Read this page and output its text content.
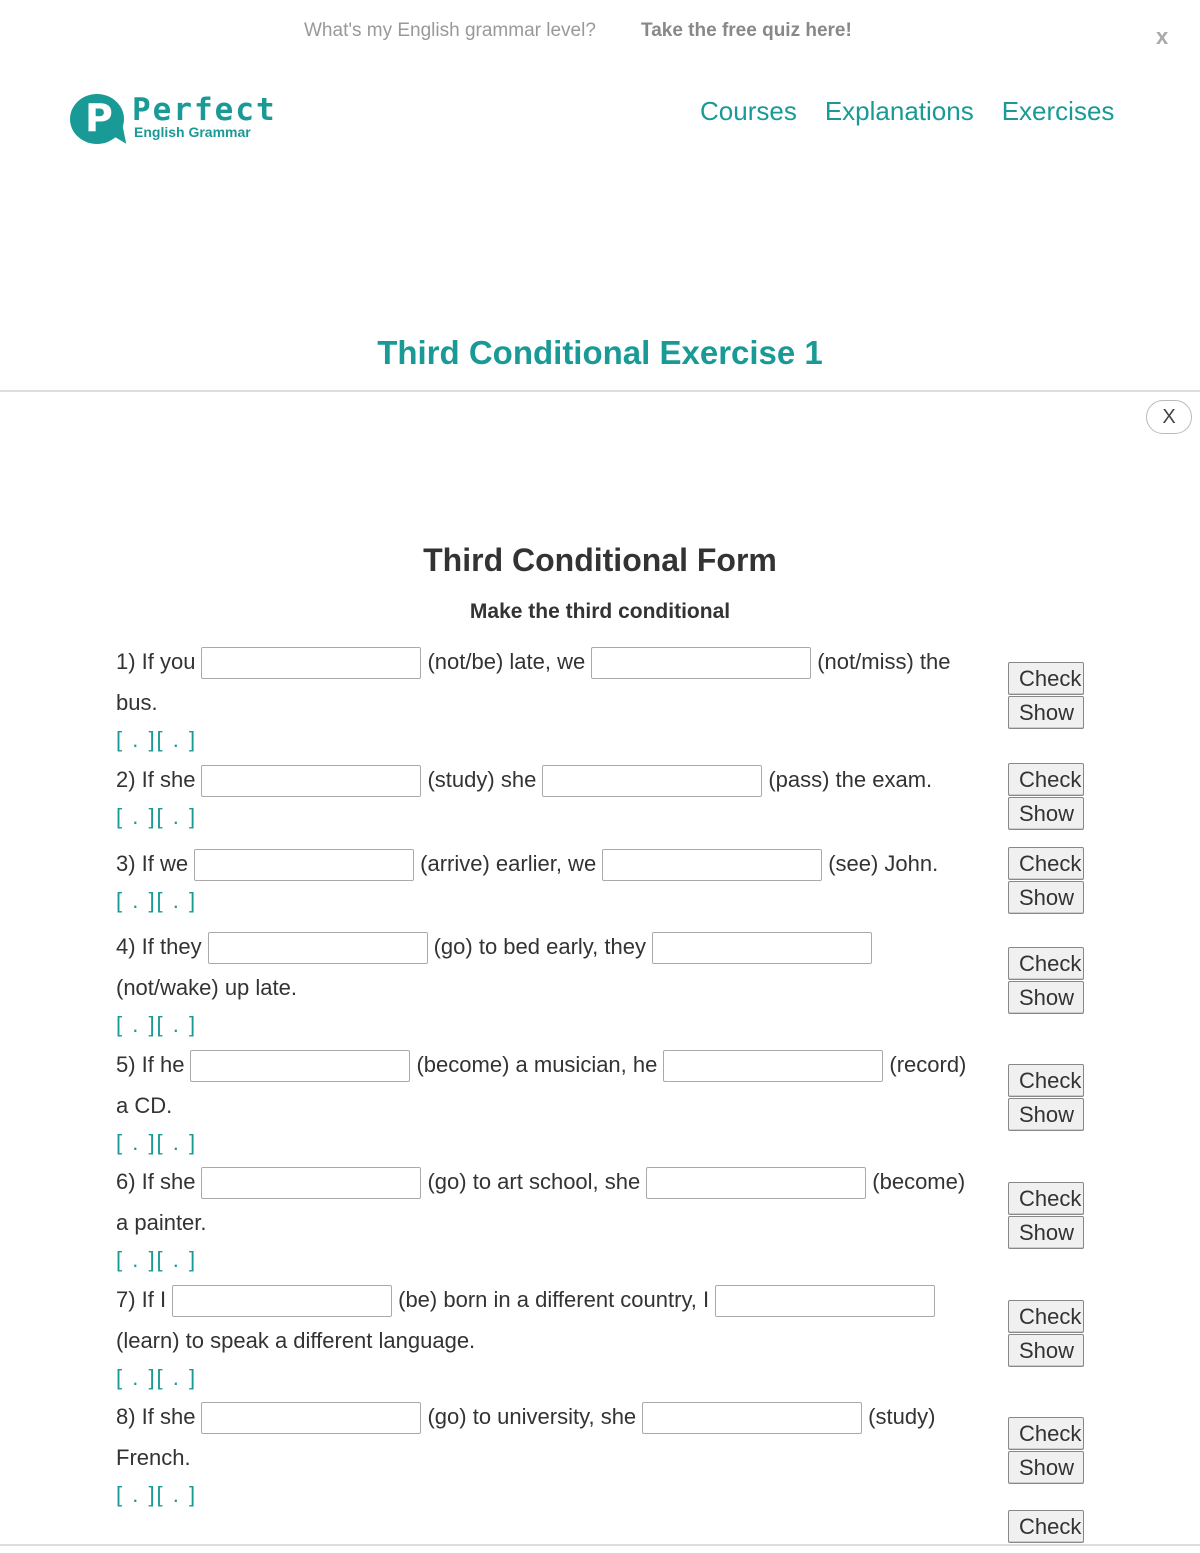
What's my English grammar level? Take the free quiz here!	x
P Perfect
English Grammar
Courses Explanations Exercises
Third Conditional Exercise 1
X
Third Conditional Form
Make the third conditional
1) If you	(not/be) late, we	(not/miss) the
bus.
[ . ][ . ]
Check
Show
2) If she	(study) she	(pass) the exam.
[ . ][ . ]
Check
Show
3) If we	(arrive) earlier, we	(see) John.
[ . ][ . ]
Check
Show
4) If they	(go) to bed early, they
(not/wake) up late.
[ . ][ . ]
Check
Show
5) If he	(become) a musician, he	(record)
a CD.
[ . ][ . ]
Check
Show
6) If she	(go) to art school, she	(become)
a painter.
[ . ][ . ]
Check
Show
7) If I	(be) born in a different country, I
(learn) to speak a different language.
[ . ][ . ]
Check
Show
8) If she	(go) to university, she	(study)
French.
[ . ][ . ]
Check
Show
Check
